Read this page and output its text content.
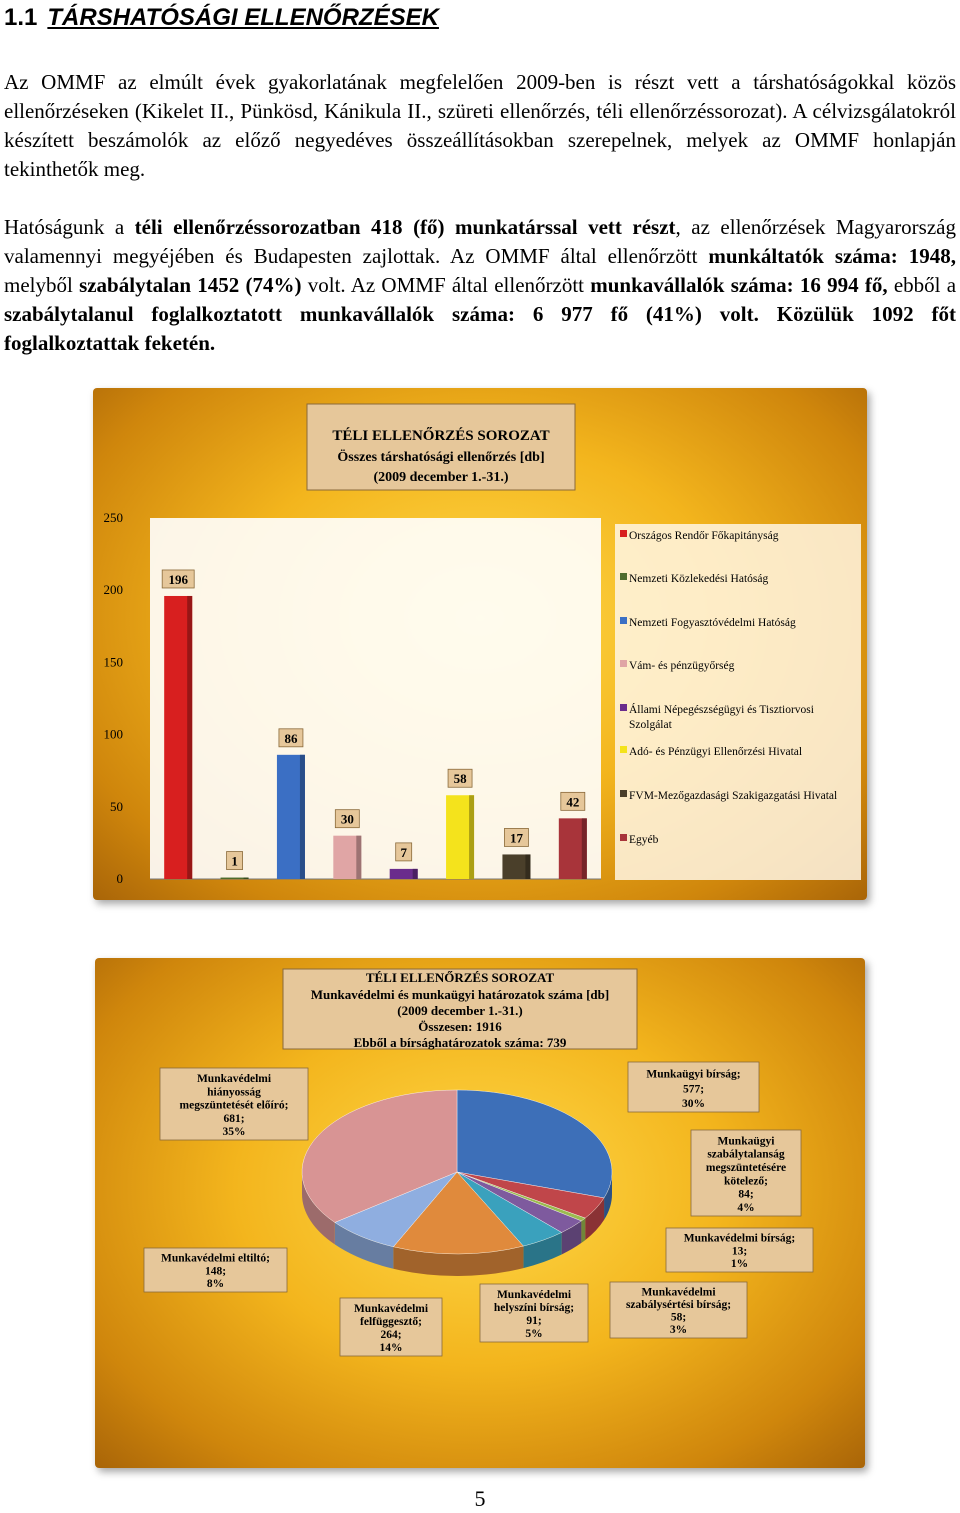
1.1 TÁRSHATÓSÁGI ELLENŐRZÉSEK
Az OMMF az elmúlt évek gyakorlatának megfelelően 2009-ben is részt vett a társhatóságokkal közös ellenőrzéseken (Kikelet II., Pünkösd, Kánikula II., szüreti ellenőrzés, téli ellenőrzéssorozat). A célvizsgálatokról készített beszámolók az előző negyedéves összeállításokban szerepelnek, melyek az OMMF honlapján tekinthetők meg.
Hatóságunk a téli ellenőrzéssorozatban 418 (fő) munkatárssal vett részt, az ellenőrzések Magyarország valamennyi megyéjében és Budapesten zajlottak. Az OMMF által ellenőrzött munkáltatók száma: 1948, melyből szabálytalan 1452 (74%) volt. Az OMMF által ellenőrzött munkavállalók száma: 16 994 fő, ebből a szabálytalanul foglalkoztatott munkavállalók száma: 6 977 fő (41%) volt. Közülük 1092 főt foglalkoztattak feketén.
TÉLI ELLENŐRZÉS SOROZAT
Összes társhatósági ellenőrzés [db]
(2009 december 1.-31.)
0
50
100
150
200
250
196
1
86
30
7
58
17
42
Országos Rendőr Főkapitányság
Nemzeti Közlekedési Hatóság
Nemzeti Fogyasztóvédelmi Hatóság
Vám- és pénzügyőrség
Állami Népegészségügyi és Tisztiorvosi
Szolgálat
Adó- és Pénzügyi Ellenőrzési Hivatal
FVM-Mezőgazdasági Szakigazgatási Hivatal
Egyéb
TÉLI ELLENŐRZÉS SOROZAT
Munkavédelmi és munkaügyi határozatok száma [db]
(2009 december 1.-31.)
Összesen: 1916
Ebből a bírsághatározatok száma: 739
Munkaügyi bírság;
577;
30%
Munkaügyi
szabálytalanság
megszüntetésére
kötelező;
84;
4%
Munkavédelmi bírság;
13;
1%
Munkavédelmi
szabálysértési bírság;
58;
3%
Munkavédelmi
helyszíni bírság;
91;
5%
Munkavédelmi
felfüggesztő;
264;
14%
Munkavédelmi eltiltó;
148;
8%
Munkavédelmi
hiányosság
megszüntetését előíró;
681;
35%
5
